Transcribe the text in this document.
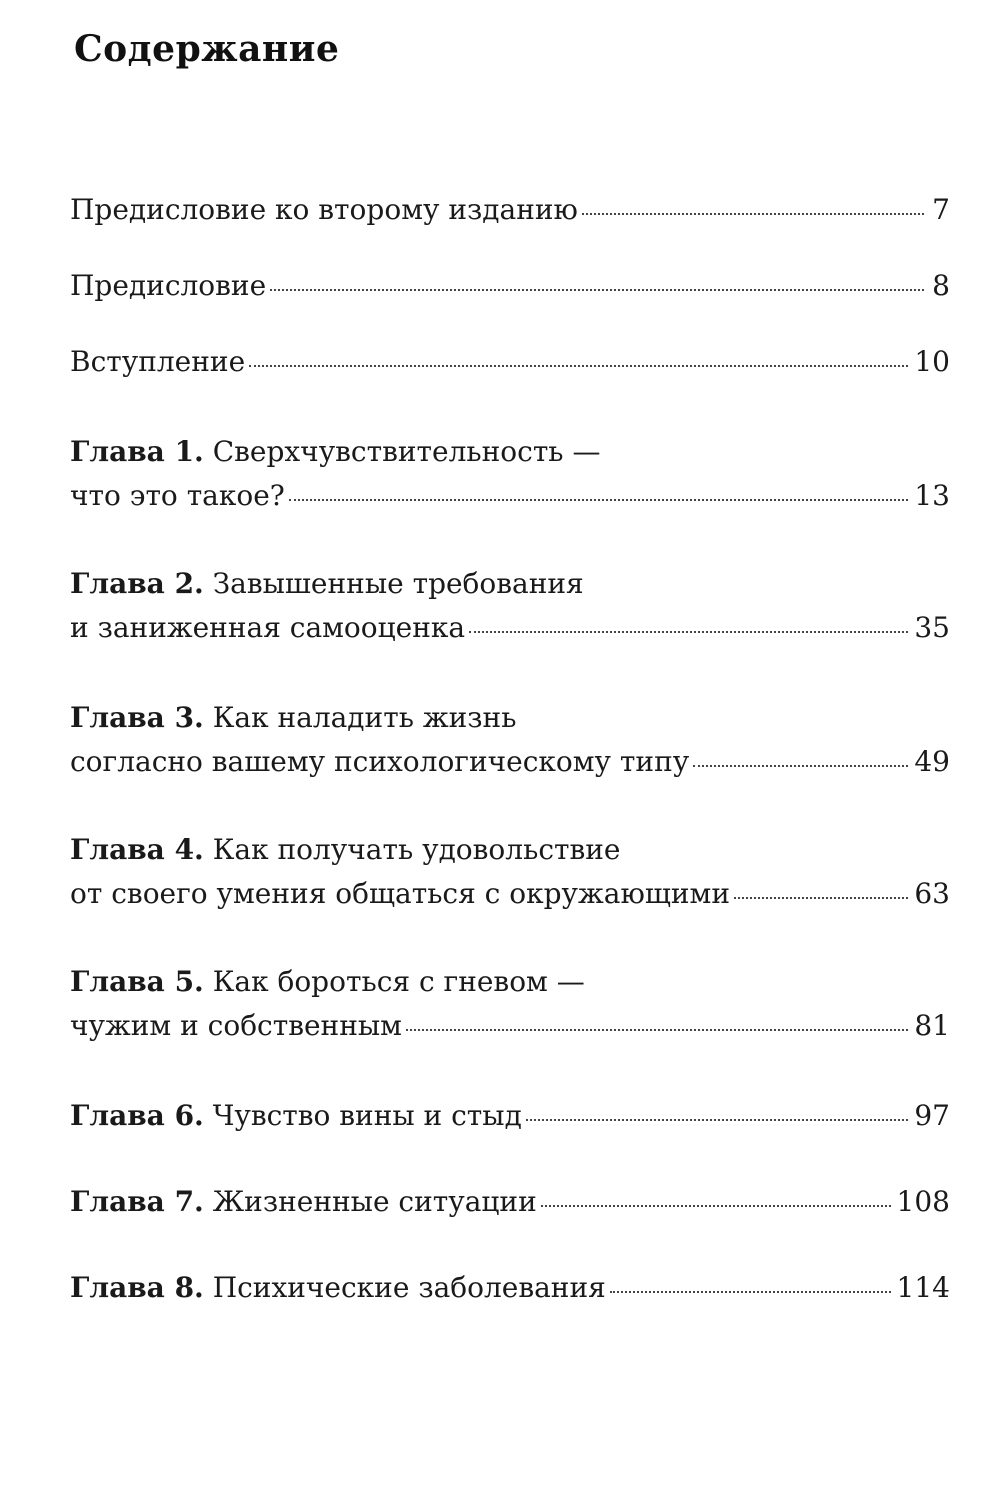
Содержание
Предисловие ко второму изданию	7
Предисловие	8
Вступление	10
Глава 1. Сверхчувствительность —
что это такое?	13
Глава 2. Завышенные требования
и заниженная самооценка	35
Глава 3. Как наладить жизнь
согласно вашему психологическому типу	49
Глава 4. Как получать удовольствие
от своего умения общаться с окружающими	63
Глава 5. Как бороться с гневом —
чужим и собственным	81
Глава 6. Чувство вины и стыд	97
Глава 7. Жизненные ситуации	108
Глава 8. Психические заболевания	114
